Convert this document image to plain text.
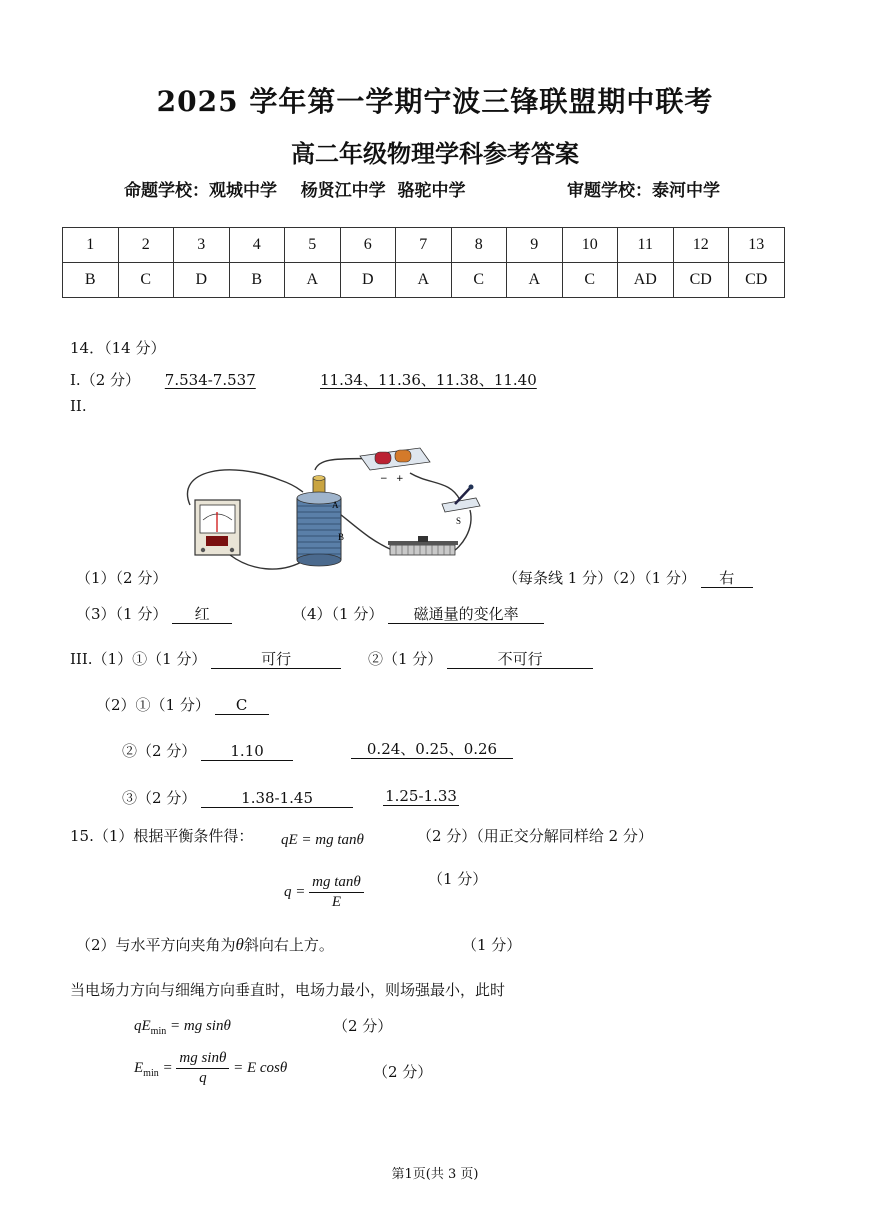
2025 学年第一学期宁波三锋联盟期中联考
高二年级物理学科参考答案
命题学校：观城中学 杨贤江中学 骆驼中学	审题学校：泰河中学
1	2	3	4	5	6	7	8	9	10	11	12	13
B	C	D	B	A	D	A	C	A	C	AD	CD	CD
14．（14 分）
I.（2 分） 7.534-7.537	11.34、11.36、11.38、11.40
II.
A
B
− +
S
（1）（2 分）	（每条线 1 分）（2）（1 分） 右
（3）（1 分） 红	（4）（1 分） 磁通量的变化率
III.（1）①（1 分）	可行	②（1 分）	不可行
（2）①（1 分） C
②（2 分） 1.10	0.24、0.25、0.26
③（2 分）	1.38-1.45	1.25-1.33
15.（1）根据平衡条件得： qE = mg tanθ	（2 分）（用正交分解同样给 2 分）
$q = \frac{\text{mg tanθ}}{E}$	（1 分）
（2）与水平方向夹角为θ斜向右上方。	（1 分）
当电场力方向与细绳方向垂直时，电场力最小，则场强最小，此时
$qE_{min}$ = mg sinθ	（2 分）
$E_{min} = \frac{\text{mg sinθ}}{q} = E$ cosθ	（2 分）
第1页(共 3 页)
